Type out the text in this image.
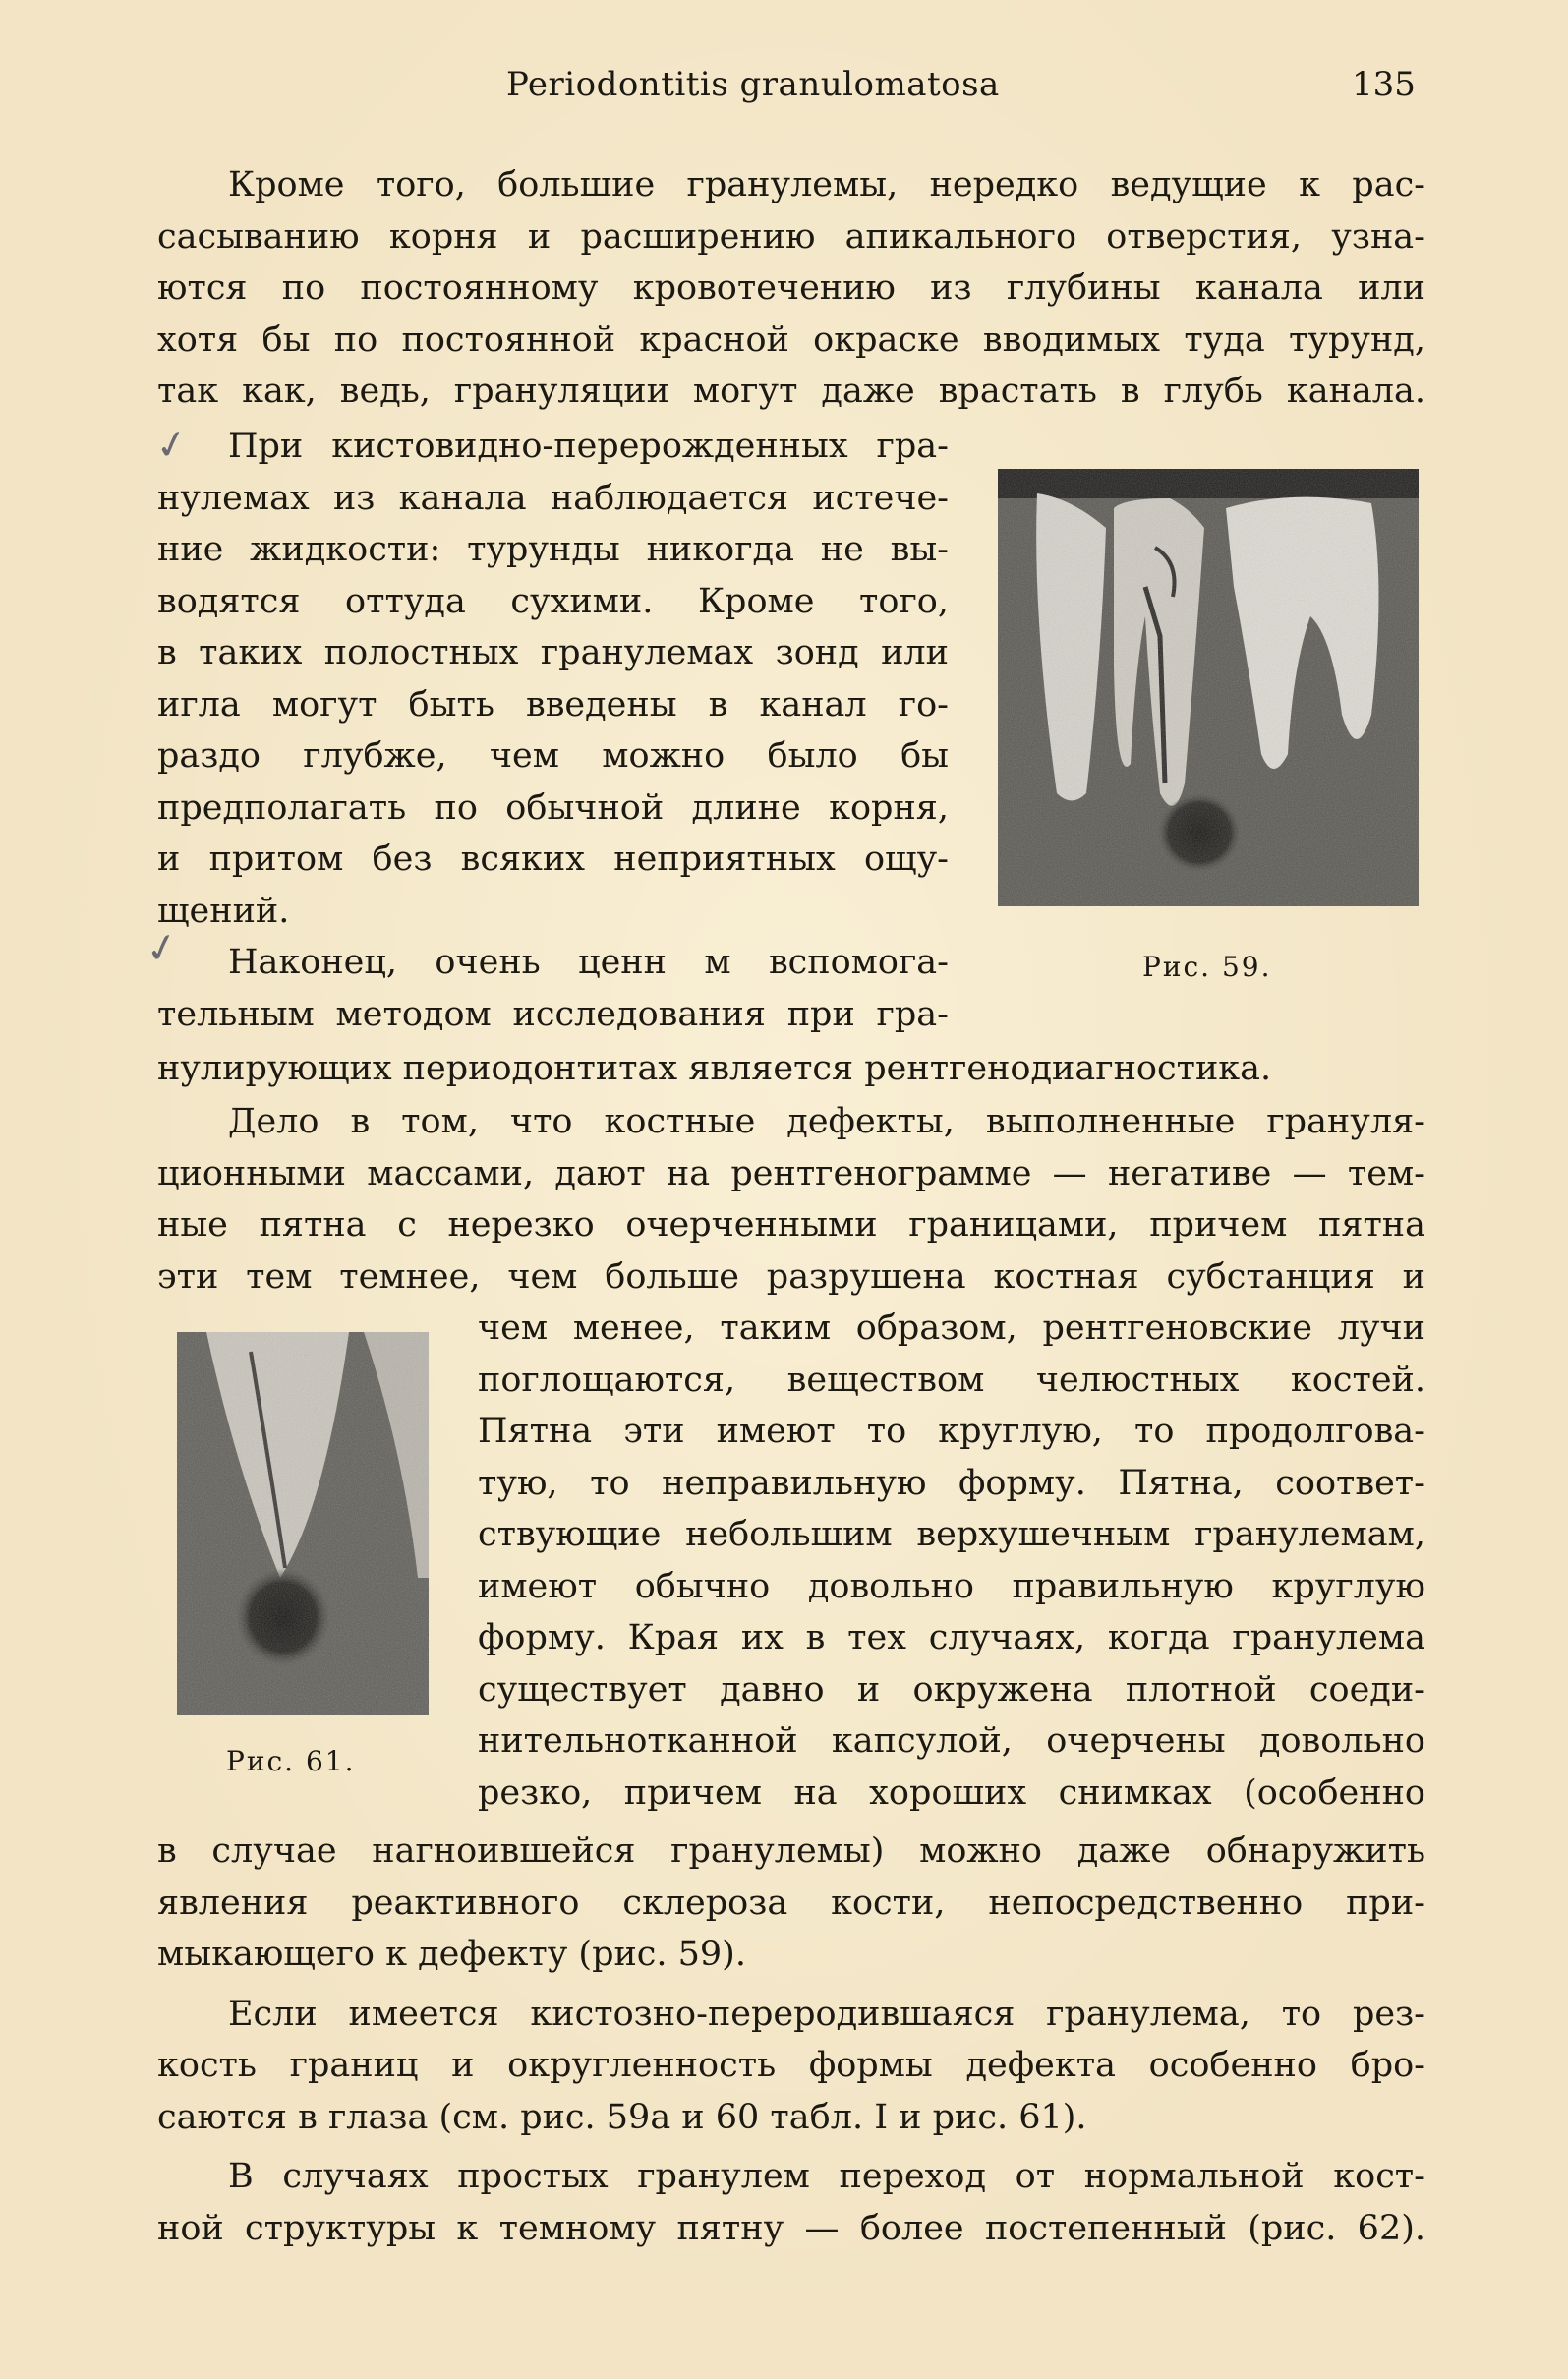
Periodontitis granulomatosa	135

Кроме того, большие гранулемы, нередко ведущие к рас-

сасыванию корня и расширению апикального отверстия, узна-

ются по постоянному кровотечению из глубины канала или

хотя бы по постоянной красной окраске вводимых туда турунд,

так как, ведь, грануляции могут даже врастать в глубь канала.

При кистовидно-перерожденных гра-

нулемах из канала наблюдается истече-

ние жидкости: турунды никогда не вы-

водятся оттуда сухими. Кроме того,

в таких полостных гранулемах зонд или

игла могут быть введены в канал го-

раздо глубже, чем можно было бы

предполагать по обычной длине корня,

и притом без всяких неприятных ощу-

щений.

Наконец, очень ценн м вспомога-

тельным методом исследования при гра-

нулирующих периодонтитах является рентгенодиагностика.

Дело в том, что костные дефекты, выполненные грануля-

ционными массами, дают на рентгенограмме — негативе — тем-

ные пятна с нерезко очерченными границами, причем пятна

эти тем темнее, чем больше разрушена костная субстанция и

чем менее, таким образом, рентгеновские лучи

поглощаются, веществом челюстных костей.

Пятна эти имеют то круглую, то продолгова-

тую, то неправильную форму. Пятна, соответ-

ствующие небольшим верхушечным гранулемам,

имеют обычно довольно правильную круглую

форму. Края их в тех случаях, когда гранулема

существует давно и окружена плотной соеди-

нительнотканной капсулой, очерчены довольно

резко, причем на хороших снимках (особенно

в случае нагноившейся гранулемы) можно даже обнаружить

явления реактивного склероза кости, непосредственно при-

мыкающего к дефекту (рис. 59).

Если имеется кистозно-переродившаяся гранулема, то рез-

кость границ и округленность формы дефекта особенно бро-

саются в глаза (см. рис. 59а и 60 табл. I и рис. 61).

В случаях простых гранулем переход от нормальной кост-

ной структуры к темному пятну — более постепенный (рис. 62).

Рис. 59.
Рис. 61.
✓
✓
